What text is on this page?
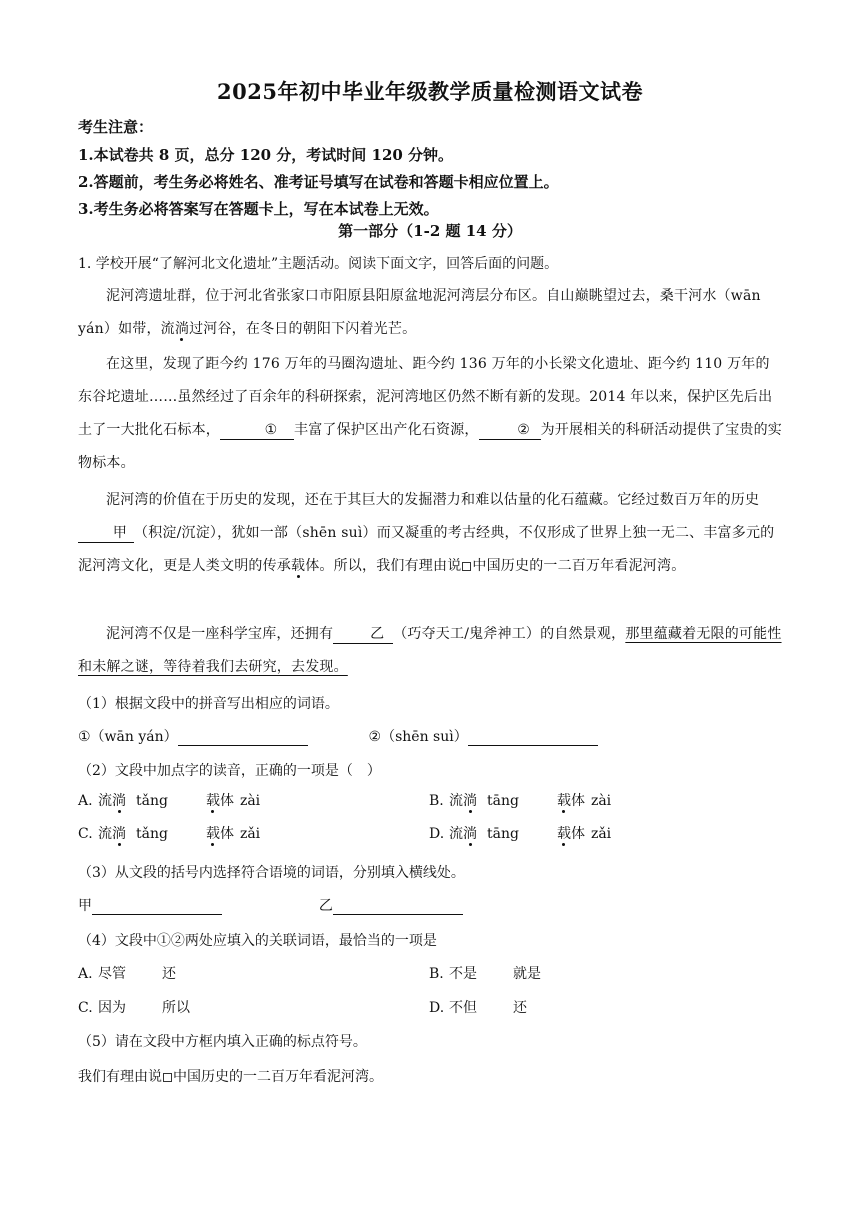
2025年初中毕业年级教学质量检测语文试卷
考生注意：
1.本试卷共 8 页，总分 120 分，考试时间 120 分钟。
2.答题前，考生务必将姓名、准考证号填写在试卷和答题卡相应位置上。
3.考生务必将答案写在答题卡上，写在本试卷上无效。
第一部分（1-2 题 14 分）
1. 学校开展“了解河北文化遗址”主题活动。阅读下面文字，回答后面的问题。
泥河湾遗址群，位于河北省张家口市阳原县阳原盆地泥河湾层分布区。自山巅眺望过去，桑干河水（wān yán）如带，流淌过河谷，在冬日的朝阳下闪着光芒。
在这里，发现了距今约 176 万年的马圈沟遗址、距今约 136 万年的小长梁文化遗址、距今约 110 万年的东谷坨遗址……虽然经过了百余年的科研探索，泥河湾地区仍然不断有新的发现。2014 年以来，保护区先后出土了一大批化石标本，	① 丰富了保护区出产化石资源，	② 为开展相关的科研活动提供了宝贵的实物标本。
泥河湾的价值在于历史的发现，还在于其巨大的发掘潜力和难以估量的化石蕴藏。它经过数百万年的历史甲 （积淀/沉淀），犹如一部（shēn suì）而又凝重的考古经典，不仅形成了世界上独一无二、丰富多元的泥河湾文化，更是人类文明的传承载体。所以，我们有理由说 中国历史的一二百万年看泥河湾。
泥河湾不仅是一座科学宝库，还拥有	乙 （巧夺天工/鬼斧神工）的自然景观，那里蕴藏着无限的可能性和未解之谜，等待着我们去研究，去发现。
（1）根据文段中的拼音写出相应的词语。
①（wān yán）	②（shēn suì）
（2）文段中加点字的读音，正确的一项是（　）
A. 流淌 tǎng	载体 zài	B. 流淌 tāng	载体 zài
C. 流淌 tǎng	载体 zǎi	D. 流淌 tāng	载体 zǎi
（3）从文段的括号内选择符合语境的词语，分别填入横线处。
甲	乙
（4）文段中①②两处应填入的关联词语，最恰当的一项是
A. 尽管	还	B. 不是	就是
C. 因为	所以	D. 不但	还
（5）请在文段中方框内填入正确的标点符号。
我们有理由说 中国历史的一二百万年看泥河湾。
